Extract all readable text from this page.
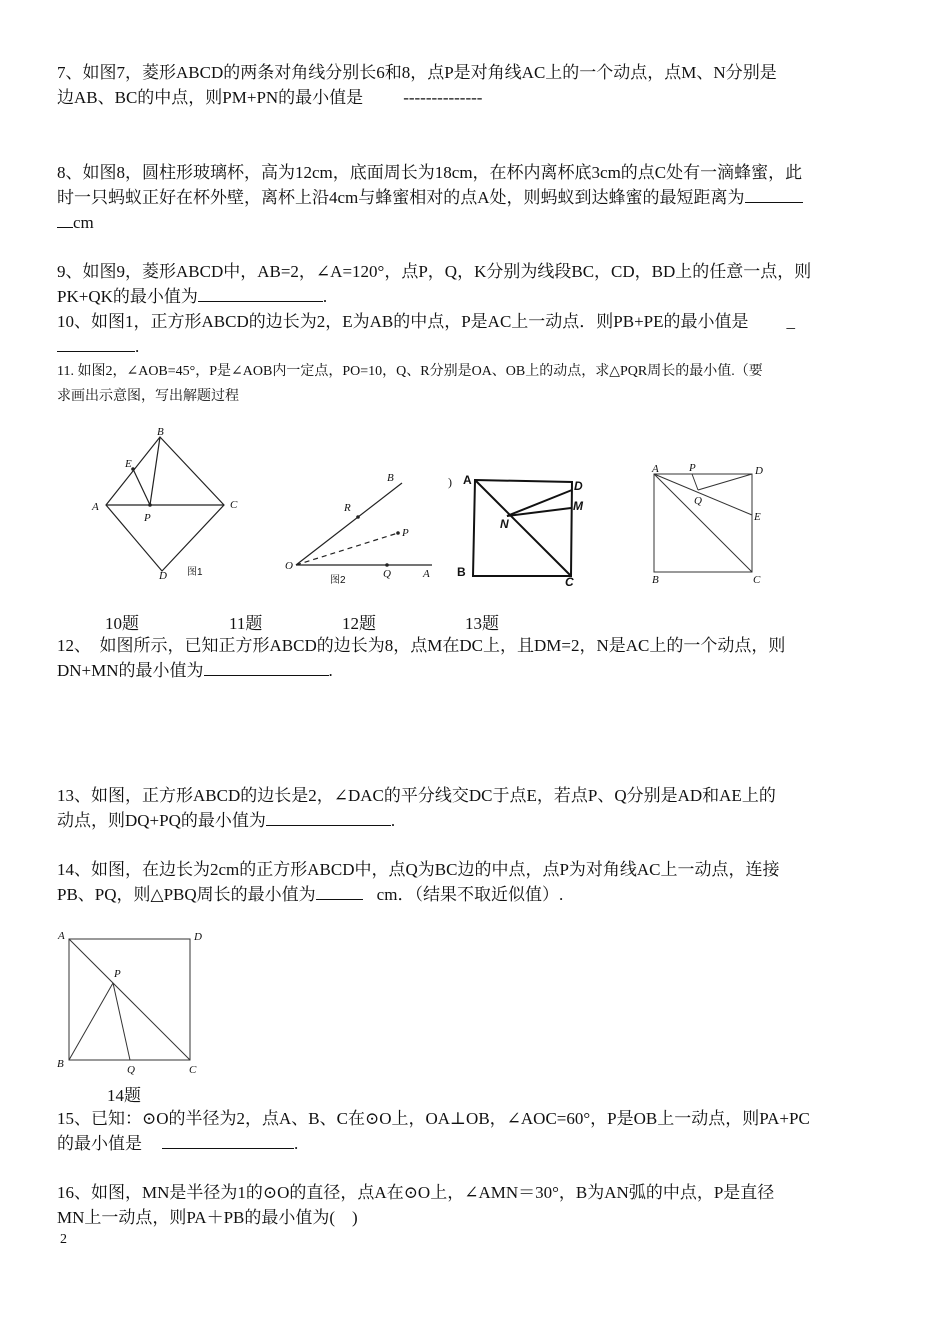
7、如图7，菱形ABCD的两条对角线分别长6和8，点P是对角线AC上的一个动点，点M、N分别是
边AB、BC的中点，则PM+PN的最小值是 --------------

8、如图8，圆柱形玻璃杯，高为12cm，底面周长为18cm，在杯内离杯底3cm的点C处有一滴蜂蜜，此
时一只蚂蚁正好在杯外壁，离杯上沿4cm与蜂蜜相对的点A处，则蚂蚁到达蜂蜜的最短距离为
cm

9、如图9，菱形ABCD中，AB=2，∠A=120°，点P，Q，K分别为线段BC，CD，BD上的任意一点，则
PK+QK的最小值为	.

10、如图1，正方形ABCD的边长为2，E为AB的中点，P是AC上一动点．则PB+PE的最小值是 _
.

11. 如图2，∠AOB=45°，P是∠AOB内一定点，PO=10，Q、R分别是OA、OB上的动点，求△PQR周长的最小值.（要
求画出示意图，写出解题过程

B
E
A
P
C
D 图1
B
R
P
O
Q	A
图2
) A	D
M
N
B
C
A	P	D
Q
E
B	C
10题	11题	12题	13题

12、　如图所示，已知正方形ABCD的边长为8，点M在DC上，且DM=2，N是AC上的一个动点，则
DN+MN的最小值为	.

13、如图，正方形ABCD的边长是2，∠DAC的平分线交DC于点E，若点P、Q分别是AD和AE上的
动点，则DQ+PQ的最小值为	.

14、如图，在边长为2cm的正方形ABCD中，点Q为BC边的中点，点P为对角线AC上一动点，连接
PB、PQ，则△PBQ周长的最小值为	cm．（结果不取近似值）.

A	D
P
B	Q	C
14题

15、已知：⊙O的半径为2，点A、B、C在⊙O上，OA⊥OB，∠AOC=60°，P是OB上一动点，则PA+PC
的最小值是	.

16、如图，MN是半径为1的⊙O的直径，点A在⊙O上，∠AMN＝30°，B为AN弧的中点，P是直径
MN上一动点，则PA＋PB的最小值为(　)

2
